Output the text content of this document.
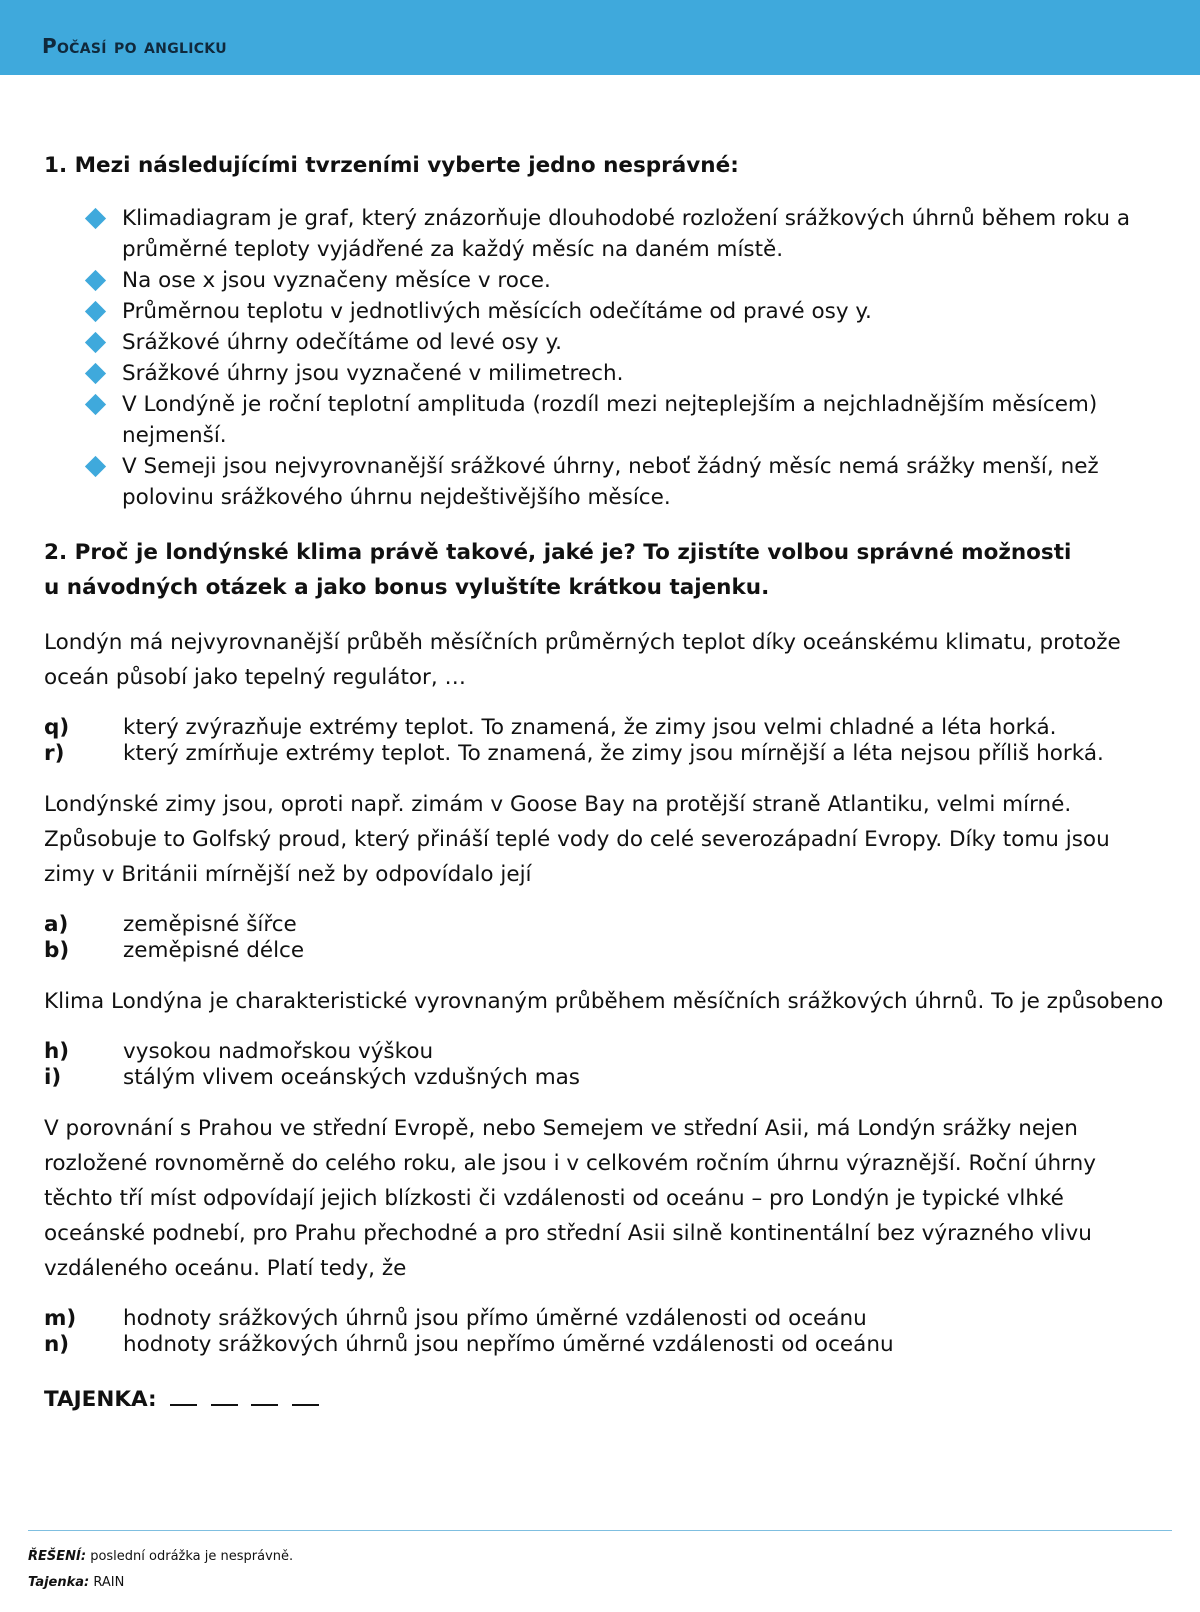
Počasí po anglicku
1. Mezi následujícími tvrzeními vyberte jedno nesprávné:
Klimadiagram je graf, který znázorňuje dlouhodobé rozložení srážkových úhrnů během roku a průměrné teploty vyjádřené za každý měsíc na daném místě.
Na ose x jsou vyznačeny měsíce v roce.
Průměrnou teplotu v jednotlivých měsících odečítáme od pravé osy y.
Srážkové úhrny odečítáme od levé osy y.
Srážkové úhrny jsou vyznačené v milimetrech.
V Londýně je roční teplotní amplituda (rozdíl mezi nejteplejším a nejchladnějším měsícem) nejmenší.
V Semeji jsou nejvyrovnanější srážkové úhrny, neboť žádný měsíc nemá srážky menší, než polovinu srážkového úhrnu nejdeštivějšího měsíce.
2. Proč je londýnské klima právě takové, jaké je? To zjistíte volbou správné možnosti
u návodných otázek a jako bonus vyluštíte krátkou tajenku.
Londýn má nejvyrovnanější průběh měsíčních průměrných teplot díky oceánskému klimatu, protože oceán působí jako tepelný regulátor, …
q)	který zvýrazňuje extrémy teplot. To znamená, že zimy jsou velmi chladné a léta horká.
r)	který zmírňuje extrémy teplot. To znamená, že zimy jsou mírnější a léta nejsou příliš horká.
Londýnské zimy jsou, oproti např. zimám v Goose Bay na protější straně Atlantiku, velmi mírné. Způsobuje to Golfský proud, který přináší teplé vody do celé severozápadní Evropy. Díky tomu jsou zimy v Británii mírnější než by odpovídalo její
a)	zeměpisné šířce
b)	zeměpisné délce
Klima Londýna je charakteristické vyrovnaným průběhem měsíčních srážkových úhrnů. To je způsobeno
h)	vysokou nadmořskou výškou
i)	stálým vlivem oceánských vzdušných mas
V porovnání s Prahou ve střední Evropě, nebo Semejem ve střední Asii, má Londýn srážky nejen rozložené rovnoměrně do celého roku, ale jsou i v celkovém ročním úhrnu výraznější. Roční úhrny těchto tří míst odpovídají jejich blízkosti či vzdálenosti od oceánu – pro Londýn je typické vlhké oceánské podnebí, pro Prahu přechodné a pro střední Asii silně kontinentální bez výrazného vlivu vzdáleného oceánu. Platí tedy, že
m)	hodnoty srážkových úhrnů jsou přímo úměrné vzdálenosti od oceánu
n)	hodnoty srážkových úhrnů jsou nepřímo úměrné vzdálenosti od oceánu
TAJENKA:
ŘEŠENÍ: poslední odrážka je nesprávně.
Tajenka: RAIN
